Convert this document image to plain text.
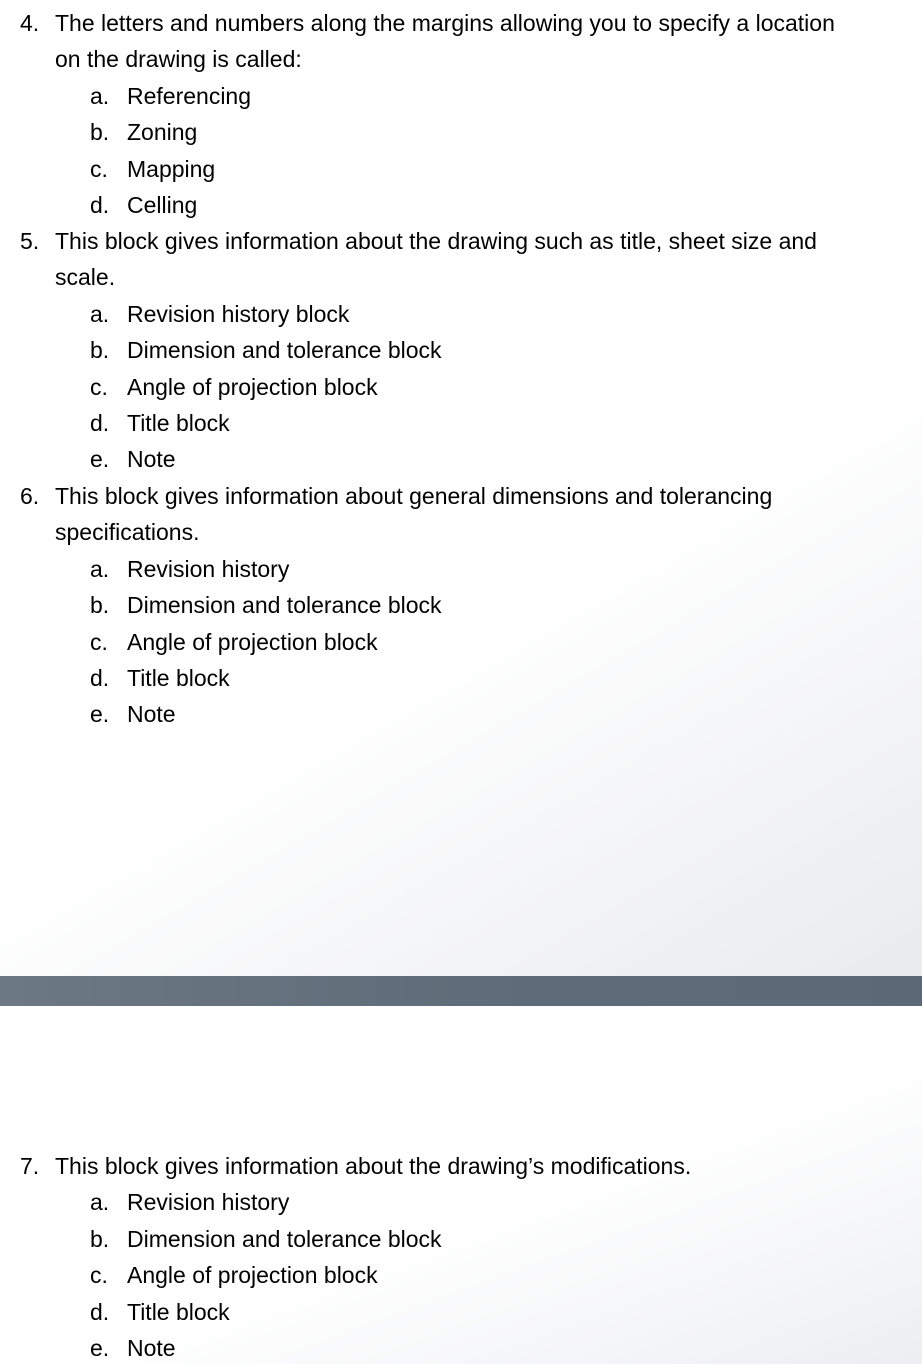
4. The letters and numbers along the margins allowing you to specify a location
on the drawing is called:
a. Referencing
b. Zoning
c. Mapping
d. Celling
5. This block gives information about the drawing such as title, sheet size and
scale.
a. Revision history block
b. Dimension and tolerance block
c. Angle of projection block
d. Title block
e. Note
6. This block gives information about general dimensions and tolerancing
specifications.
a. Revision history
b. Dimension and tolerance block
c. Angle of projection block
d. Title block
e. Note
7. This block gives information about the drawing’s modifications.
a. Revision history
b. Dimension and tolerance block
c. Angle of projection block
d. Title block
e. Note
